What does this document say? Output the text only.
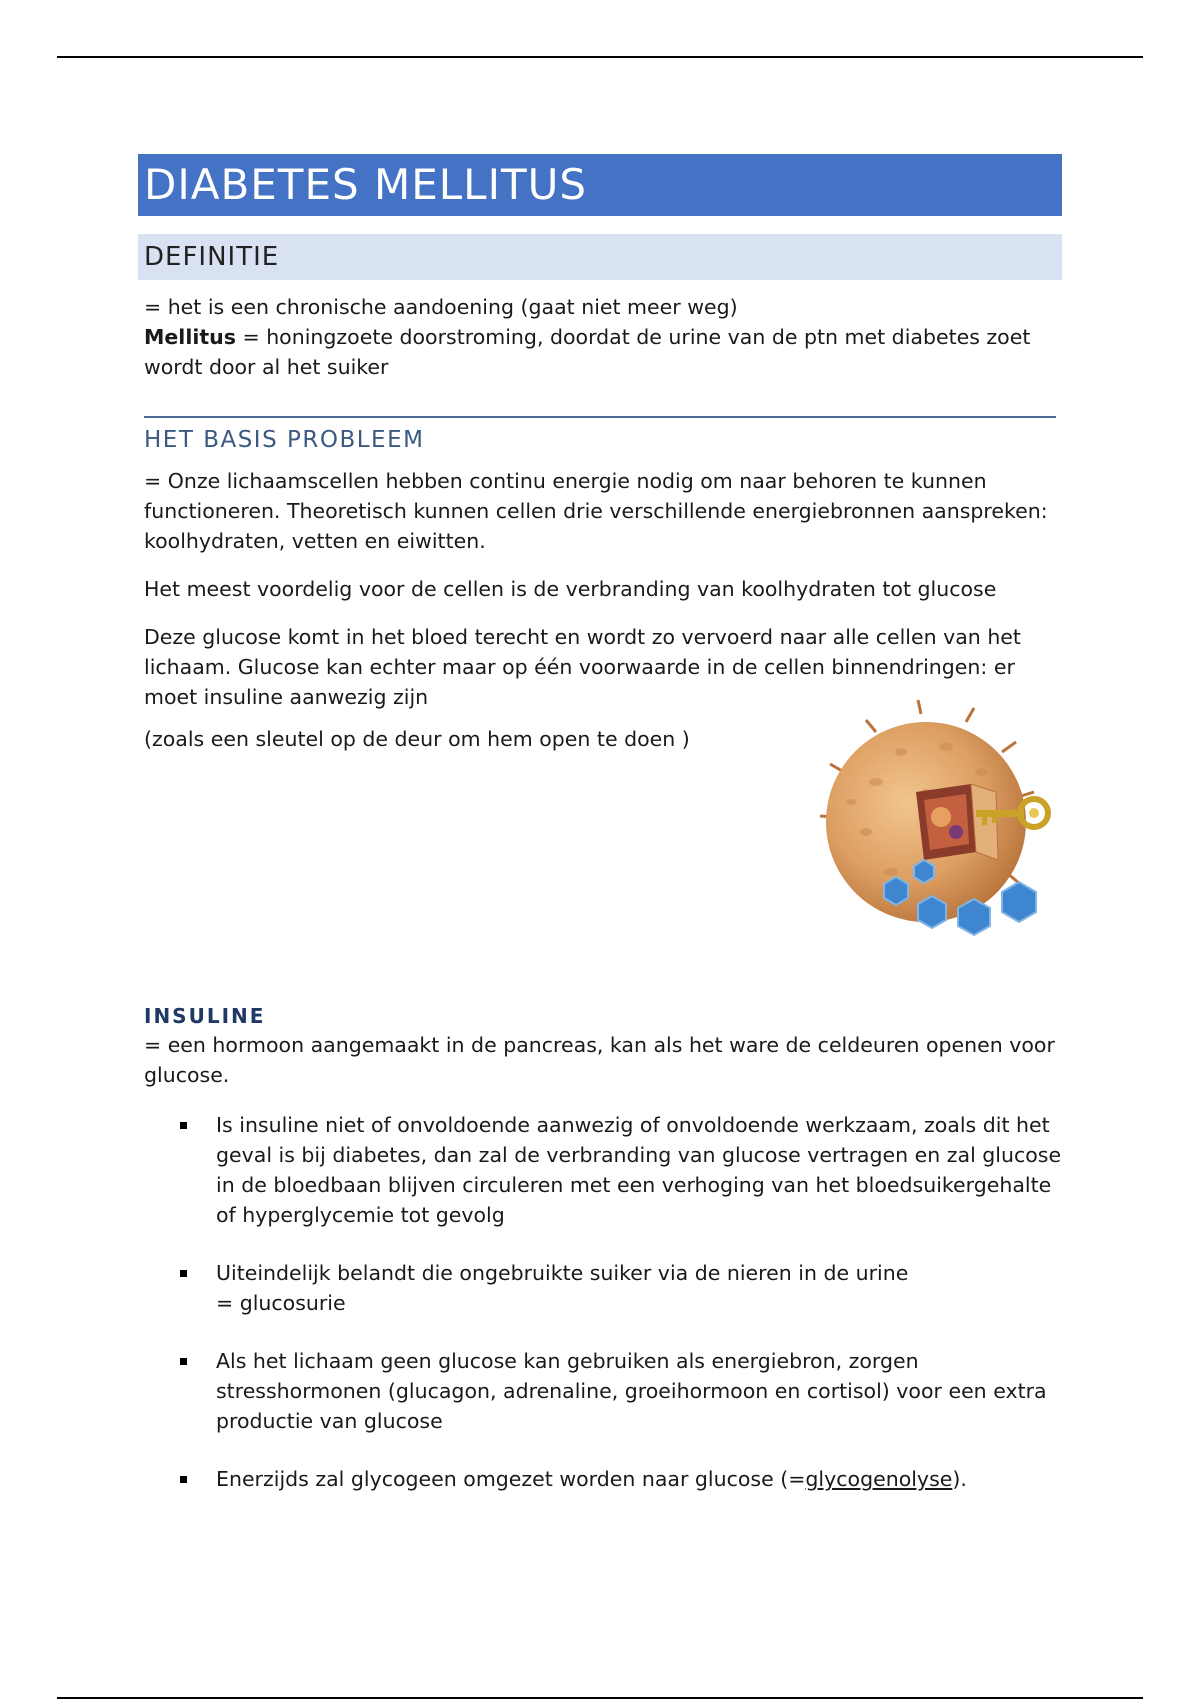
DIABETES MELLITUS
DEFINITIE

= het is een chronische aandoening (gaat niet meer weg)
Mellitus = honingzoete doorstroming, doordat de urine van de ptn met diabetes zoet wordt door al het suiker

HET BASIS PROBLEEM

= Onze lichaamscellen hebben continu energie nodig om naar behoren te kunnen functioneren. Theoretisch kunnen cellen drie verschillende energiebronnen aanspreken: koolhydraten, vetten en eiwitten.

Het meest voordelig voor de cellen is de verbranding van koolhydraten tot glucose

Deze glucose komt in het bloed terecht en wordt zo vervoerd naar alle cellen van het lichaam. Glucose kan echter maar op één voorwaarde in de cellen binnendringen: er moet insuline aanwezig zijn

(zoals een sleutel op de deur om hem open te doen )

INSULINE

= een hormoon aangemaakt in de pancreas, kan als het ware de celdeuren openen voor glucose.

Is insuline niet of onvoldoende aanwezig of onvoldoende werkzaam, zoals dit het geval is bij diabetes, dan zal de verbranding van glucose vertragen en zal glucose in de bloedbaan blijven circuleren met een verhoging van het bloedsuikergehalte of hyperglycemie tot gevolg
Uiteindelijk belandt die ongebruikte suiker via de nieren in de urine
= glucosurie
Als het lichaam geen glucose kan gebruiken als energiebron, zorgen stresshormonen (glucagon, adrenaline, groeihormoon en cortisol) voor een extra productie van glucose
Enerzijds zal glycogeen omgezet worden naar glucose (=glycogenolyse).
